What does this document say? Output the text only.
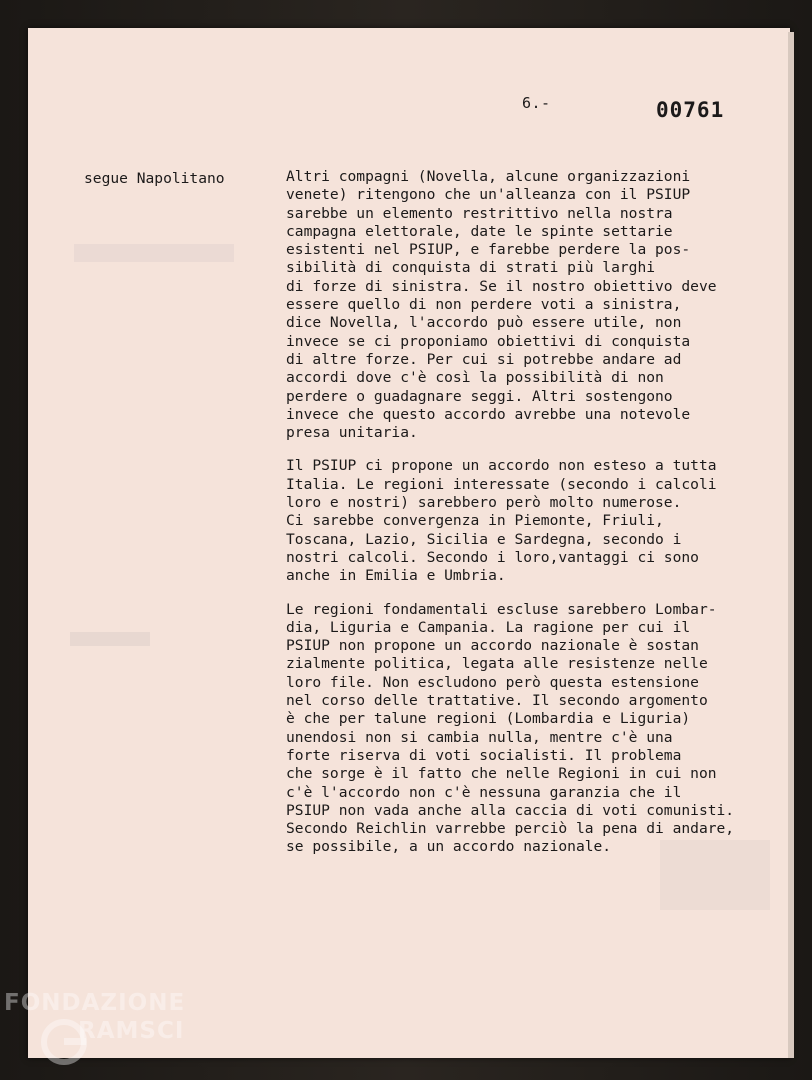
6.-	00761
segue Napolitano	Altri compagni (Novella, alcune organizzazioni
venete) ritengono che un'alleanza con il PSIUP
sarebbe un elemento restrittivo nella nostra
campagna elettorale, date le spinte settarie
esistenti nel PSIUP, e farebbe perdere la pos-
sibilità di conquista di strati più larghi
di forze di sinistra. Se il nostro obiettivo deve
essere quello di non perdere voti a sinistra,
dice Novella, l'accordo può essere utile, non
invece se ci proponiamo obiettivi di conquista
di altre forze. Per cui si potrebbe andare ad
accordi dove c'è così la possibilità di non
perdere o guadagnare seggi. Altri sostengono
invece che questo accordo avrebbe una notevole
presa unitaria.

Il PSIUP ci propone un accordo non esteso a tutta
Italia. Le regioni interessate (secondo i calcoli
loro e nostri) sarebbero però molto numerose.
Ci sarebbe convergenza in Piemonte, Friuli,
Toscana, Lazio, Sicilia e Sardegna, secondo i
nostri calcoli. Secondo i loro,vantaggi ci sono
anche in Emilia e Umbria.

Le regioni fondamentali escluse sarebbero Lombar-
dia, Liguria e Campania. La ragione per cui il
PSIUP non propone un accordo nazionale è sostan
zialmente politica, legata alle resistenze nelle
loro file. Non escludono però questa estensione
nel corso delle trattative. Il secondo argomento
è che per talune regioni (Lombardia e Liguria)
unendosi non si cambia nulla, mentre c'è una
forte riserva di voti socialisti. Il problema
che sorge è il fatto che nelle Regioni in cui non
c'è l'accordo non c'è nessuna garanzia che il
PSIUP non vada anche alla caccia di voti comunisti.
Secondo Reichlin varrebbe perciò la pena di andare,
se possibile, a un accordo nazionale.

FONDAZIONE
RAMSCI
